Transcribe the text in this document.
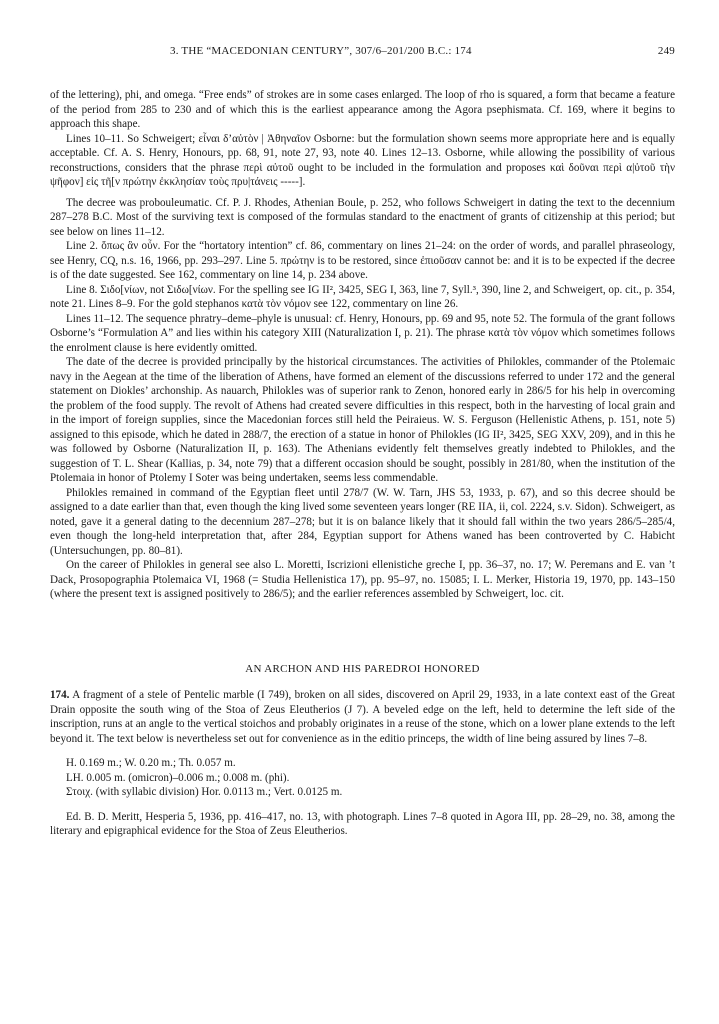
3. THE “MACEDONIAN CENTURY”, 307/6–201/200 B.C.: 174	249

of the lettering), phi, and omega. “Free ends” of strokes are in some cases enlarged. The loop of rho is squared, a form that became a feature of the period from 285 to 230 and of which this is the earliest appearance among the Agora psephismata. Cf. 169, where it begins to approach this shape.

Lines 10–11. So Schweigert; εἶναι δ’αὐτὸν | Ἀθηναῖον Osborne: but the formulation shown seems more appropriate here and is equally acceptable. Cf. A. S. Henry, Honours, pp. 68, 91, note 27, 93, note 40. Lines 12–13. Osborne, while allowing the possibility of various reconstructions, considers that the phrase περὶ αὐτοῦ ought to be included in the formulation and proposes καὶ δοῦναι περὶ α|ὐτοῦ τὴν ψῆφον] εἰς τῆ[ν πρώτην ἐκκλησίαν τοὺς πρυ|τάνεις -----].

The decree was probouleumatic. Cf. P. J. Rhodes, Athenian Boule, p. 252, who follows Schweigert in dating the text to the decennium 287–278 B.C. Most of the surviving text is composed of the formulas standard to the enactment of grants of citizenship at this period; but see below on lines 11–12.

Line 2. ὅπως ἂν οὖν. For the “hortatory intention” cf. 86, commentary on lines 21–24: on the order of words, and parallel phraseology, see Henry, CQ, n.s. 16, 1966, pp. 293–297. Line 5. πρώτην is to be restored, since ἐπιοῦσαν cannot be: and it is to be expected if the decree is of the date suggested. See 162, commentary on line 14, p. 234 above.

Line 8. Σιδο[νίων, not Σιδω[νίων. For the spelling see IG II², 3425, SEG I, 363, line 7, Syll.³, 390, line 2, and Schweigert, op. cit., p. 354, note 21. Lines 8–9. For the gold stephanos κατὰ τὸν νόμον see 122, commentary on line 26.

Lines 11–12. The sequence phratry–deme–phyle is unusual: cf. Henry, Honours, pp. 69 and 95, note 52. The formula of the grant follows Osborne’s “Formulation A” and lies within his category XIII (Naturalization I, p. 21). The phrase κατὰ τὸν νόμον which sometimes follows the enrolment clause is here evidently omitted.

The date of the decree is provided principally by the historical circumstances. The activities of Philokles, commander of the Ptolemaic navy in the Aegean at the time of the liberation of Athens, have formed an element of the discussions referred to under 172 and the general statement on Diokles’ archonship. As nauarch, Philokles was of superior rank to Zenon, honored early in 286/5 for his help in overcoming the problem of the food supply. The revolt of Athens had created severe difficulties in this respect, both in the harvesting of local grain and in the import of foreign supplies, since the Macedonian forces still held the Peiraieus. W. S. Ferguson (Hellenistic Athens, p. 151, note 5) assigned to this episode, which he dated in 288/7, the erection of a statue in honor of Philokles (IG II², 3425, SEG XXV, 209), and in this he was followed by Osborne (Naturalization II, p. 163). The Athenians evidently felt themselves greatly indebted to Philokles, and the suggestion of T. L. Shear (Kallias, p. 34, note 79) that a different occasion should be sought, possibly in 281/80, when the institution of the Ptolemaia in honor of Ptolemy I Soter was being undertaken, seems less commendable.

Philokles remained in command of the Egyptian fleet until 278/7 (W. W. Tarn, JHS 53, 1933, p. 67), and so this decree should be assigned to a date earlier than that, even though the king lived some seventeen years longer (RE IIA, ii, col. 2224, s.v. Sidon). Schweigert, as noted, gave it a general dating to the decennium 287–278; but it is on balance likely that it should fall within the two years 286/5–285/4, even though the long-held interpretation that, after 284, Egyptian support for Athens waned has been controverted by C. Habicht (Untersuchungen, pp. 80–81).

On the career of Philokles in general see also L. Moretti, Iscrizioni ellenistiche greche I, pp. 36–37, no. 17; W. Peremans and E. van ’t Dack, Prosopographia Ptolemaica VI, 1968 (= Studia Hellenistica 17), pp. 95–97, no. 15085; I. L. Merker, Historia 19, 1970, pp. 143–150 (where the present text is assigned positively to 286/5); and the earlier references assembled by Schweigert, loc. cit.

AN ARCHON AND HIS PAREDROI HONORED

174. A fragment of a stele of Pentelic marble (I 749), broken on all sides, discovered on April 29, 1933, in a late context east of the Great Drain opposite the south wing of the Stoa of Zeus Eleutherios (J 7). A beveled edge on the left, held to determine the left side of the inscription, runs at an angle to the vertical stoichos and probably originates in a reuse of the stone, which on a lower plane extends to the left beyond it. The text below is nevertheless set out for convenience as in the editio princeps, the width of line being assured by lines 7–8.

H. 0.169 m.; W. 0.20 m.; Th. 0.057 m.
LH. 0.005 m. (omicron)–0.006 m.; 0.008 m. (phi).
Στοιχ. (with syllabic division) Hor. 0.0113 m.; Vert. 0.0125 m.

Ed. B. D. Meritt, Hesperia 5, 1936, pp. 416–417, no. 13, with photograph. Lines 7–8 quoted in Agora III, pp. 28–29, no. 38, among the literary and epigraphical evidence for the Stoa of Zeus Eleutherios.
